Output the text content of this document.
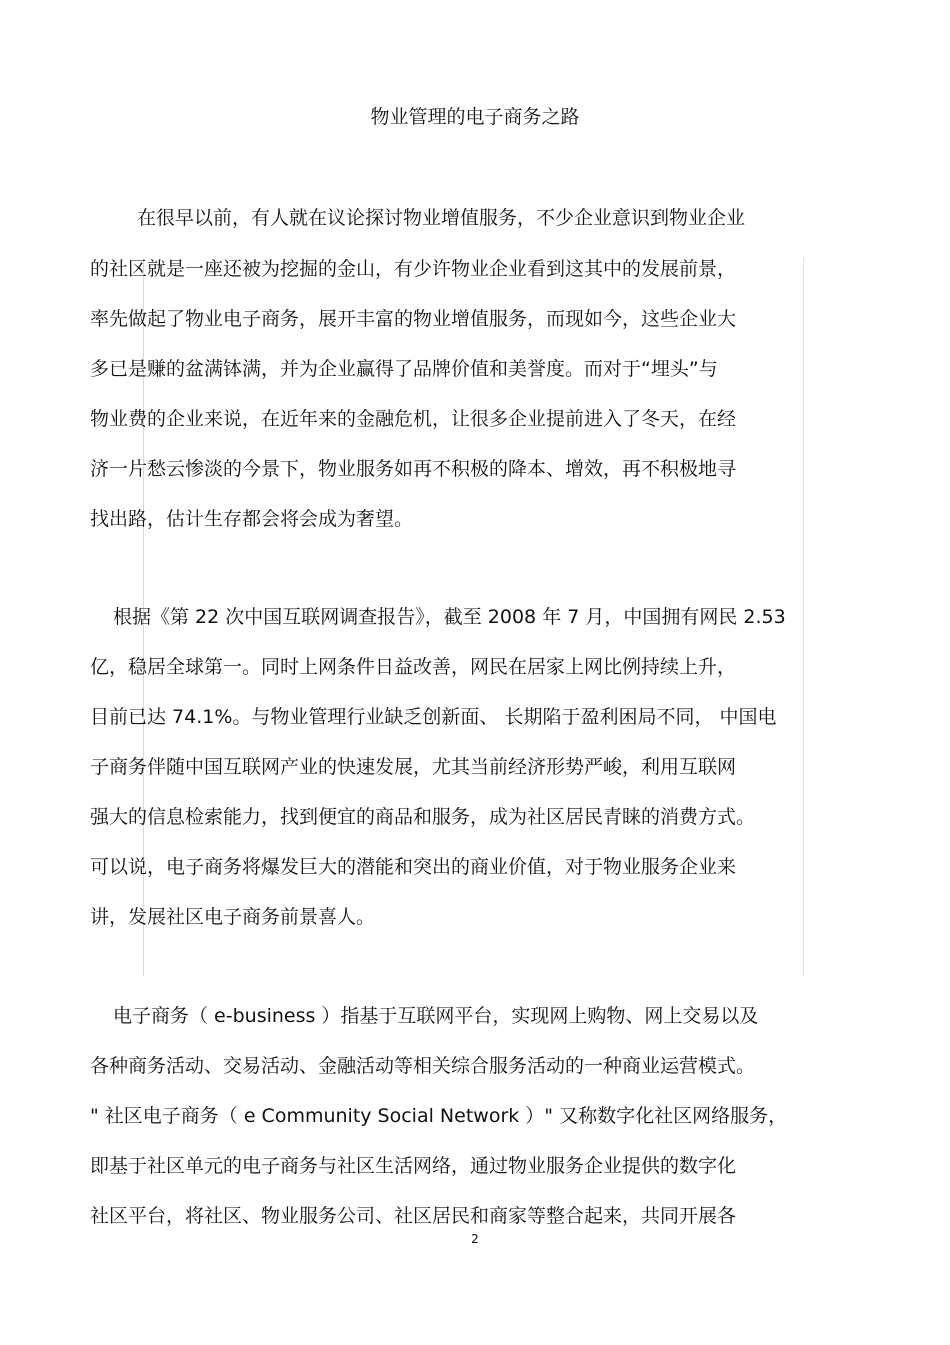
物业管理的电子商务之路
在很早以前，有人就在议论探讨物业增值服务，不少企业意识到物业企业
的社区就是一座还被为挖掘的金山，有少许物业企业看到这其中的发展前景，
率先做起了物业电子商务，展开丰富的物业增值服务，而现如今，这些企业大
多已是赚的盆满钵满，并为企业赢得了品牌价值和美誉度。而对于“埋头”与
物业费的企业来说，在近年来的金融危机，让很多企业提前进入了冬天，在经
济一片愁云惨淡的今景下，物业服务如再不积极的降本、增效，再不积极地寻
找出路，估计生存都会将会成为奢望。
根据《第 22 次中国互联网调查报告》，截至 2008 年 7 月，中国拥有网民 2.53
亿，稳居全球第一。同时上网条件日益改善，网民在居家上网比例持续上升，
目前已达 74.1%。与物业管理行业缺乏创新面、 长期陷于盈利困局不同， 中国电
子商务伴随中国互联网产业的快速发展，尤其当前经济形势严峻，利用互联网
强大的信息检索能力，找到便宜的商品和服务，成为社区居民青睐的消费方式。
可以说，电子商务将爆发巨大的潜能和突出的商业价值，对于物业服务企业来
讲，发展社区电子商务前景喜人。
电子商务（ e-business ）指基于互联网平台，实现网上购物、网上交易以及
各种商务活动、交易活动、金融活动等相关综合服务活动的一种商业运营模式。
" 社区电子商务（ e Community Social Network ）" 又称数字化社区网络服务，
即基于社区单元的电子商务与社区生活网络，通过物业服务企业提供的数字化
社区平台，将社区、物业服务公司、社区居民和商家等整合起来，共同开展各
2
